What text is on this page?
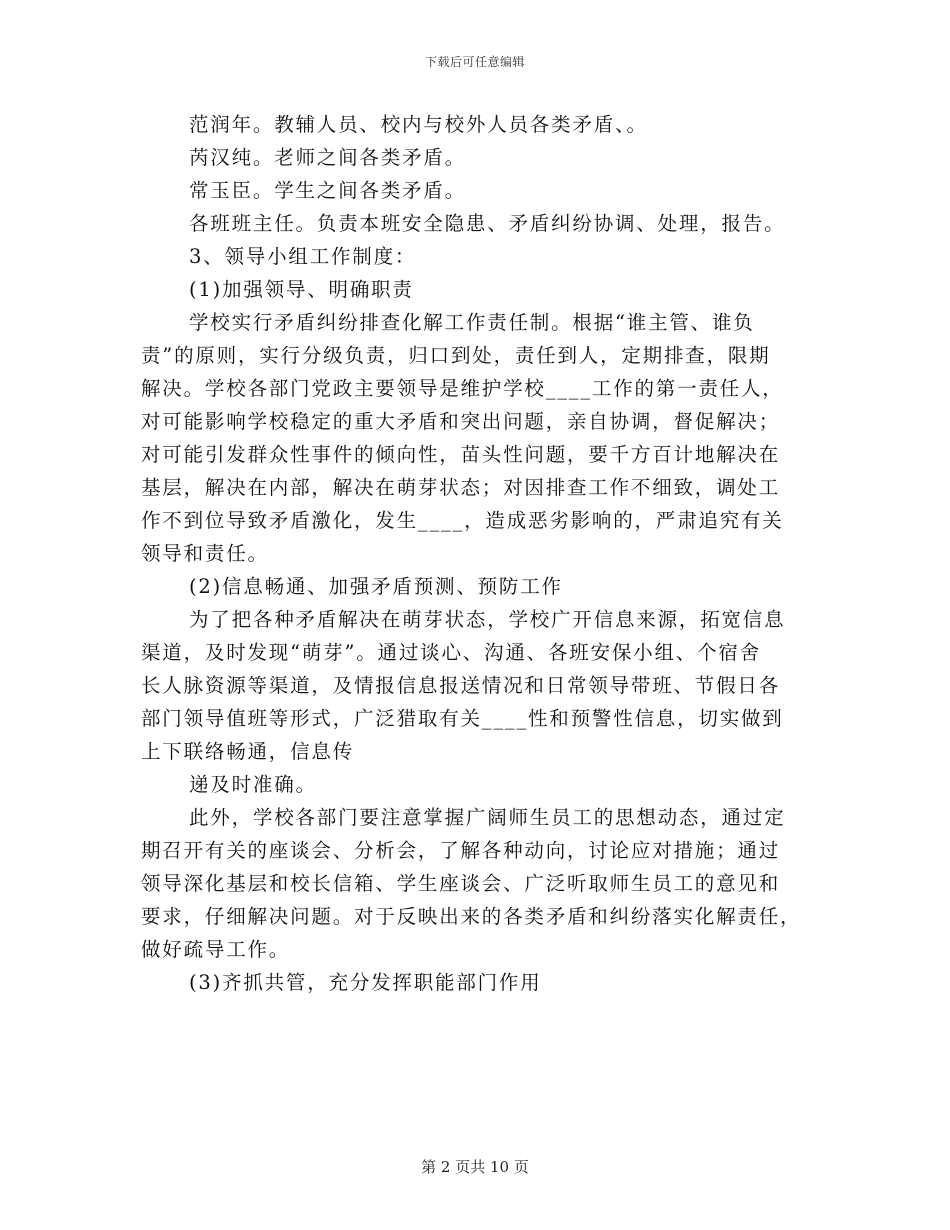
下载后可任意编辑
范润年。教辅人员、校内与校外人员各类矛盾、。
芮汉纯。老师之间各类矛盾。
常玉臣。学生之间各类矛盾。
各班班主任。负责本班安全隐患、矛盾纠纷协调、处理，报告。
3、领导小组工作制度：
(1)加强领导、明确职责
学校实行矛盾纠纷排查化解工作责任制。根据“谁主管、谁负
责”的原则，实行分级负责，归口到处，责任到人，定期排查，限期
解决。学校各部门党政主要领导是维护学校____工作的第一责任人，
对可能影响学校稳定的重大矛盾和突出问题，亲自协调，督促解决；
对可能引发群众性事件的倾向性，苗头性问题，要千方百计地解决在
基层，解决在内部，解决在萌芽状态；对因排查工作不细致，调处工
作不到位导致矛盾激化，发生____，造成恶劣影响的，严肃追究有关
领导和责任。
(2)信息畅通、加强矛盾预测、预防工作
为了把各种矛盾解决在萌芽状态，学校广开信息来源，拓宽信息
渠道，及时发现“萌芽”。通过谈心、沟通、各班安保小组、个宿舍
长人脉资源等渠道，及情报信息报送情况和日常领导带班、节假日各
部门领导值班等形式，广泛猎取有关____性和预警性信息，切实做到
上下联络畅通，信息传
递及时准确。
此外，学校各部门要注意掌握广阔师生员工的思想动态，通过定
期召开有关的座谈会、分析会，了解各种动向，讨论应对措施；通过
领导深化基层和校长信箱、学生座谈会、广泛听取师生员工的意见和
要求，仔细解决问题。对于反映出来的各类矛盾和纠纷落实化解责任，
做好疏导工作。
(3)齐抓共管，充分发挥职能部门作用
第 2 页共 10 页
